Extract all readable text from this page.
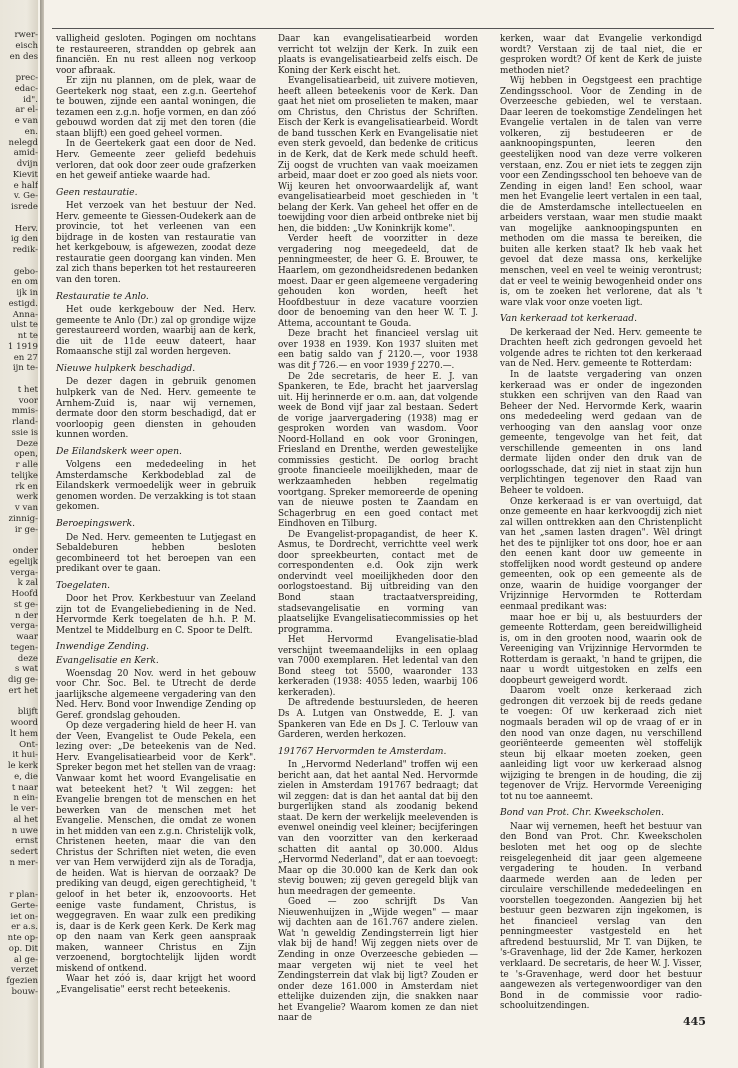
rwer-
eisch
en des
prec-
edac-
id".
ar el-
e van
en.
nelegd
amid-
dvijn
Kievit
e half
v. Ge-
isrede
Herv.
ig den
redik-
gebo-
en om
ijk in
estigd.
Anna-
ulst te
nt te
1 1919
en 27
ijn te-
t het
voor
mmis-
rland-
ssie is
Deze
open,
r alle
telijke
rk en
werk
v van
zinnig-
ir ge-
onder
egelijk
verga-
k zal
Hoofd
st ge-
n der
verga-
waar
tegen-
deze
s wat
dig ge-
ert het
blijft
woord
lt hem
Ont-
it hui-
le kerk
e, die
t naar
n ein-
le ver-
al het
n uwe
ernst
sedert
n mer-
r plan-
Gerte-
iet on-
er a.s.
nte op-
op. Dit
al ge-
verzet
fgezien
bouw-

valligheid gesloten. Pogingen om nochtans te restaureeren, strandden op gebrek aan financiën. En nu rest alleen nog verkoop voor afbraak.

Er zijn nu plannen, om de plek, waar de Geertekerk nog staat, een z.g.n. Geertehof te bouwen, zijnde een aantal woningen, die tezamen een z.g.n. hofje vormen, en dan zóó gebouwd worden dat zij met den toren (die staan blijft) een goed geheel vormen.

In de Geertekerk gaat een door de Ned. Herv. Gemeente zeer geliefd bedehuis verloren, dat ook door zeer oude grafzerken en het geweif antieke waarde had.

Geen restauratie.

Het verzoek van het bestuur der Ned. Herv. gemeente te Giessen-Oudekerk aan de provincie, tot het verleenen van een bijdrage in de kosten van restauratie van het kerkgebouw, is afgewezen, zoodat deze restauratie geen doorgang kan vinden. Men zal zich thans beperken tot het restaureeren van den toren.

Restauratie te Anlo.

Het oude kerkgebouw der Ned. Herv. gemeente te Anlo (Dr.) zal op grondige wijze gerestaureerd worden, waarbij aan de kerk, die uit de 11de eeuw dateert, haar Romaansche stijl zal worden hergeven.

Nieuwe hulpkerk beschadigd.

De dezer dagen in gebruik genomen hulpkerk van de Ned. Herv. gemeente te Arnhem-Zuid is, naar wij vernemen, dermate door den storm beschadigd, dat er voorloopig geen diensten in gehouden kunnen worden.

De Eilandskerk weer open.

Volgens een mededeeling in het Amsterdamsche Kerkbodeblad zal de Eilandskerk vermoedelijk weer in gebruik genomen worden. De verzakking is tot staan gekomen.

Beroepingswerk.

De Ned. Herv. gemeenten te Lutjegast en Sebaldeburen hebben besloten gecombineerd tot het beroepen van een predikant over te gaan.

Toegelaten.

Door het Prov. Kerkbestuur van Zeeland zijn tot de Evangeliebediening in de Ned. Hervormde Kerk toegelaten de h.h. P. M. Mentzel te Middelburg en C. Spoor te Delft.

Inwendige Zending.
Evangelisatie en Kerk.

Woensdag 20 Nov. werd in het gebouw voor Chr. Soc. Bel. te Utrecht de derde jaarlijksche algemeene vergadering van den Ned. Herv. Bond voor Inwendige Zending op Geref. grondslag gehouden.

Op deze vergadering hield de heer H. van der Veen, Evangelist te Oude Pekela, een lezing over: „De beteekenis van de Ned. Herv. Evangelisatiearbeid voor de Kerk". Spreker begon met het stellen van de vraag: Vanwaar komt het woord Evangelisatie en wat beteekent het? 't Wil zeggen: het Evangelie brengen tot de menschen en het bewerken van de menschen met het Evangelie. Menschen, die omdat ze wonen in het midden van een z.g.n. Christelijk volk, Christenen heeten, maar die van den Christus der Schriften niet weten, die even ver van Hem verwijderd zijn als de Toradja, de heiden. Wat is hiervan de oorzaak? De prediking van deugd, eigen gerechtigheid, 't geloof in het beter ik, enzoovoorts. Het eenige vaste fundament, Christus, is weggegraven. En waar zulk een prediking is, daar is de Kerk geen Kerk. De Kerk mag op den naam van Kerk geen aanspraak maken, wanneer Christus en Zijn verzoenend, borgtochtelijk lijden wordt miskend of ontkend.

Waar het zóó is, daar krijgt het woord „Evangelisatie" eerst recht beteekenis.

Daar kan evangelisatiearbeid worden verricht tot welzijn der Kerk. In zuik een plaats is evangelisatiearbeid zelfs eisch. De Koning der Kerk eischt het.

Evangelisatiearbeid, uit zuivere motieven, heeft alleen beteekenis voor de Kerk. Dan gaat het niet om proselieten te maken, maar om Christus, den Christus der Schriften. Eisch der Kerk is evangelisatiearbeid. Wordt de band tusschen Kerk en Evangelisatie niet even sterk gevoeld, dan bedenke de criticus in de Kerk, dat de Kerk mede schuld heeft. Zij oogst de vruchten van vaak moeizamen arbeid, maar doet er zoo goed als niets voor. Wij keuren het onvoorwaardelijk af, want evangelisatiearbeid moet geschieden in 't belang der Kerk. Van geheel het offer en de toewijding voor dien arbeid ontbreke niet bij hen, die bidden: „Uw Koninkrijk kome".

Verder heeft de voorzitter in deze vergadering nog meegedeeld, dat de penningmeester, de heer G. E. Brouwer, te Haarlem, om gezondheidsredenen bedanken moest. Daar er geen algemeene vergadering gehouden kon worden, heeft het Hoofdbestuur in deze vacature voorzien door de benoeming van den heer W. T. J. Attema, accountant te Gouda.

Deze bracht het financieel verslag uit over 1938 en 1939. Kon 1937 sluiten met een batig saldo van ƒ 2120.—, voor 1938 was dit ƒ 726.— en voor 1939 ƒ 2270.—.

De 2de secretaris, de heer E. J. van Spankeren, te Ede, bracht het jaarverslag uit. Hij herinnerde er o.m. aan, dat volgende week de Bond vijf jaar zal bestaan. Sedert de vorige jaarvergadering (1938) mag er gesproken worden van wasdom. Voor Noord-Holland en ook voor Groningen, Friesland en Drenthe, werden gewestelijke commissies gesticht. De oorlog bracht groote financieele moeilijkheden, maar de werkzaamheden hebben regelmatig voortgang. Spreker memoreerde de opening van de nieuwe posten te Zaandam en Schagerbrug en een goed contact met Eindhoven en Tilburg.

De Evangelist-propagandist, de heer K. Asmus, te Dordrecht, verrichtte veel werk door spreekbeurten, contact met de correspondenten e.d. Ook zijn werk ondervindt veel moeilijkheden door den oorlogstoestand. Bij uitbreiding van den Bond staan tractaatverspreiding, stadsevangelisatie en vorming van plaatselijke Evangelisatiecommissies op het programma.

Het Hervormd Evangelisatie-blad verschijnt tweemaandelijks in een oplaag van 7000 exemplaren. Het ledental van den Bond steeg tot 5500, waaronder 133 kerkeraden (1938: 4055 leden, waarbij 106 kerkeraden).

De aftredende bestuursleden, de heeren Ds A. Lutgen van Onstwedde, E. J. van Spankeren van Ede en Ds J. C. Terlouw van Garderen, werden herkozen.

191767 Hervormden te Amsterdam.

In „Hervormd Nederland" troffen wij een bericht aan, dat het aantal Ned. Hervormde zielen in Amsterdam 191767 bedraagt; dat wil zeggen: dat is dan het aantal dat bij den burgerlijken stand als zoodanig bekend staat. De kern der werkelijk meelevenden is evenwel oneindig veel kleiner; becijferingen van den voorzitter van den kerkeraad schatten dit aantal op 30.000. Aldus „Hervormd Nederland", dat er aan toevoegt: Maar op die 30.000 kan de Kerk dan ook stevig bouwen; zij geven geregeld blijk van hun meedragen der gemeente.

Goed — zoo schrijft Ds Van Nieuwenhuijzen in „Wijde wegen" — maar wij dachten aan de 161.767 andere zielen. Wat 'n geweldig Zendingsterrein ligt hier vlak bij de hand! Wij zeggen niets over de Zending in onze Overzeesche gebieden — maar vergeten wij niet te veel het Zendingsterrein dat vlak bij ligt? Zouden er onder deze 161.000 in Amsterdam niet ettelijke duizenden zijn, die snakken naar het Evangelie? Waarom komen ze dan niet naar de

kerken, waar dat Evangelie verkondigd wordt? Verstaan zij de taal niet, die er gesproken wordt? Of kent de Kerk de juiste methoden niet?

Wij hebben in Oegstgeest een prachtige Zendingsschool. Voor de Zending in de Overzeesche gebieden, wel te verstaan. Daar leeren de toekomstige Zendelingen het Evangelie vertalen in de talen van verre volkeren, zij bestudeeren er de aanknoopingspunten, leeren den geestelijken nood van deze verre volkeren verstaan, enz. Zou er niet iets te zeggen zijn voor een Zendingsschool ten behoeve van de Zending in eigen land! Een school, waar men het Evangelie leert vertalen in een taal, die de Amsterdamsche intellectueelen en arbeiders verstaan, waar men studie maakt van mogelijke aanknoopingspunten en methoden om die massa te bereiken, die buiten alle kerken staat? Ik heb vaak het gevoel dat deze massa ons, kerkelijke menschen, veel en veel te weinig verontrust; dat er veel te weinig bewogenheid onder ons is, om te zoeken het verlorene, dat als 't ware vlak voor onze voeten ligt.

Van kerkeraad tot kerkeraad.

De kerkeraad der Ned. Herv. gemeente te Drachten heeft zich gedrongen gevoeld het volgende adres te richten tot den kerkeraad van de Ned. Herv. gemeente te Rotterdam:

In de laatste vergadering van onzen kerkeraad was er onder de ingezonden stukken een schrijven van den Raad van Beheer der Ned. Hervormde Kerk, waarin ons mededeeling werd gedaan van de verhooging van den aanslag voor onze gemeente, tengevolge van het feit, dat verschillende gemeenten in ons land dermate lijden onder den druk van de oorlogsschade, dat zij niet in staat zijn hun verplichtingen tegenover den Raad van Beheer te voldoen.

Onze kerkeraad is er van overtuigd, dat onze gemeente en haar kerkvoogdij zich niet zal willen onttrekken aan den Christenplicht van het „samen lasten dragen". Wèl dringt het des te pijnlijker tot ons door, hoe er aan den eenen kant door uw gemeente in stoffelijken nood wordt gesteund op andere gemeenten, ook op een gemeente als de onze, waarin de huidige voorganger der Vrijzinnige Hervormden te Rotterdam eenmaal predikant was:

maar hoe er bij u, als bestuurders der gemeente Rotterdam, geen bereidwilligheid is, om in den grooten nood, waarin ook de Vereeniging van Vrijzinnige Hervormden te Rotterdam is geraakt, 'n hand te grijpen, die naar u wordt uitgestoken en zelfs een doopbeurt geweigerd wordt.

Daarom voelt onze kerkeraad zich gedrongen dit verzoek bij de reeds gedane te voegen: Of uw kerkeraad zich niet nogmaals beraden wil op de vraag of er in den nood van onze dagen, nu verschillend georiënteerde gemeenten wèl stoffelijk steun bij elkaar moeten zoeken, geen aanleiding ligt voor uw kerkeraad alsnog wijziging te brengen in de houding, die zij tegenover de Vrijz. Hervormde Vereeniging tot nu toe aanneemt.

Bond van Prot. Chr. Kweekscholen.

Naar wij vernemen, heeft het bestuur van den Bond van Prot. Chr. Kweekscholen besloten met het oog op de slechte reisgelegenheid dit jaar geen algemeene vergadering te houden. In verband daarmede werden aan de leden per circulaire verschillende mededeelingen en voorstellen toegezonden. Aangezien bij het bestuur geen bezwaren zijn ingekomen, is het financieel verslag van den penningmeester vastgesteld en het aftredend bestuurslid, Mr T. van Dijken, te 's-Gravenhage, lid der 2de Kamer, herkozen verklaard. De secretaris, de heer W. J. Visser, te 's-Gravenhage, werd door het bestuur aangewezen als vertegenwoordiger van den Bond in de commissie voor radio-schooluitzendingen.

445
